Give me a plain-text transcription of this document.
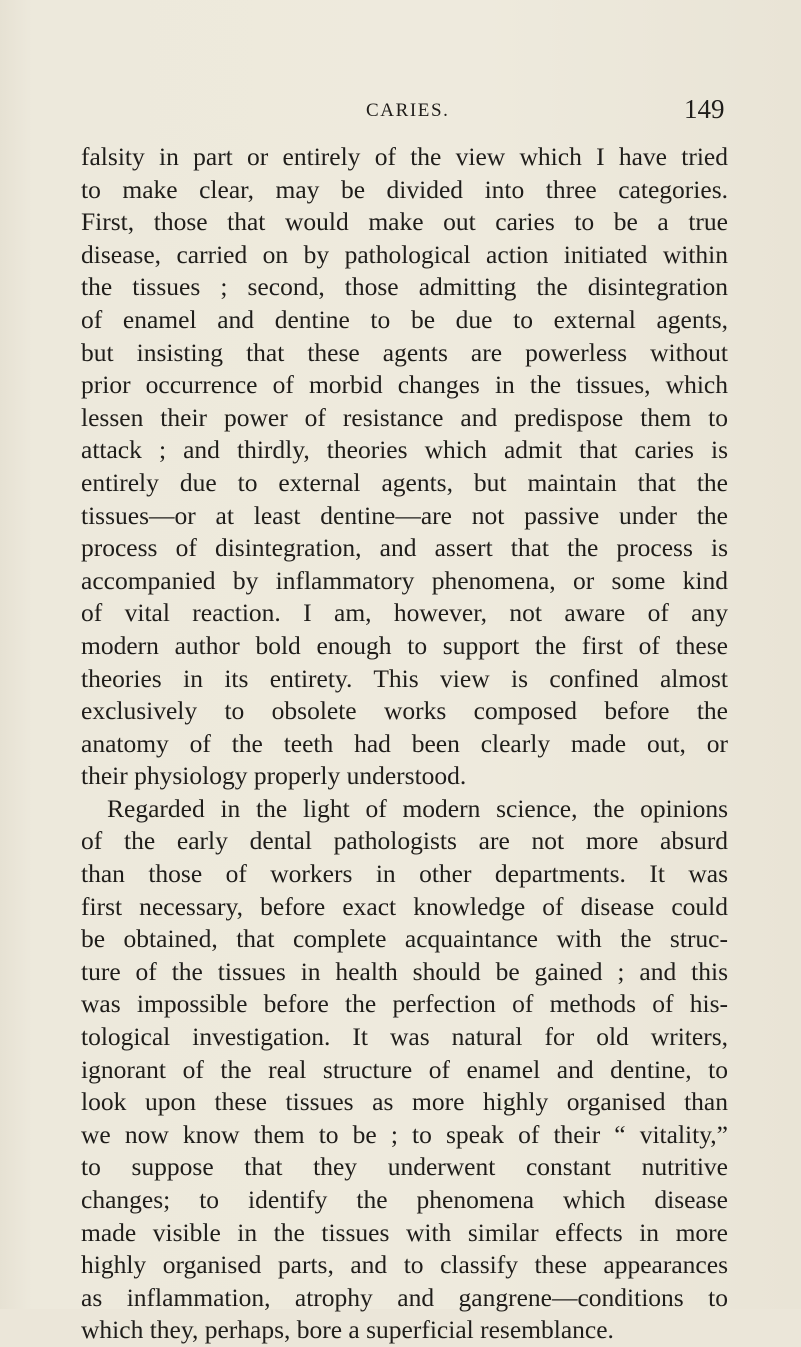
CARIES.	149
falsity in part or entirely of the view which I have tried
to make clear, may be divided into three categories.
First, those that would make out caries to be a true
disease, carried on by pathological action initiated within
the tissues ; second, those admitting the disintegration
of enamel and dentine to be due to external agents,
but insisting that these agents are powerless without
prior occurrence of morbid changes in the tissues, which
lessen their power of resistance and predispose them to
attack ; and thirdly, theories which admit that caries is
entirely due to external agents, but maintain that the
tissues—or at least dentine—are not passive under the
process of disintegration, and assert that the process is
accompanied by inflammatory phenomena, or some kind
of vital reaction. I am, however, not aware of any
modern author bold enough to support the first of these
theories in its entirety. This view is confined almost
exclusively to obsolete works composed before the
anatomy of the teeth had been clearly made out, or
their physiology properly understood.
Regarded in the light of modern science, the opinions
of the early dental pathologists are not more absurd
than those of workers in other departments. It was
first necessary, before exact knowledge of disease could
be obtained, that complete acquaintance with the struc-
ture of the tissues in health should be gained ; and this
was impossible before the perfection of methods of his-
tological investigation. It was natural for old writers,
ignorant of the real structure of enamel and dentine, to
look upon these tissues as more highly organised than
we now know them to be ; to speak of their “ vitality,”
to suppose that they underwent constant nutritive
changes; to identify the phenomena which disease
made visible in the tissues with similar effects in more
highly organised parts, and to classify these appearances
as inflammation, atrophy and gangrene—conditions to
which they, perhaps, bore a superficial resemblance.
